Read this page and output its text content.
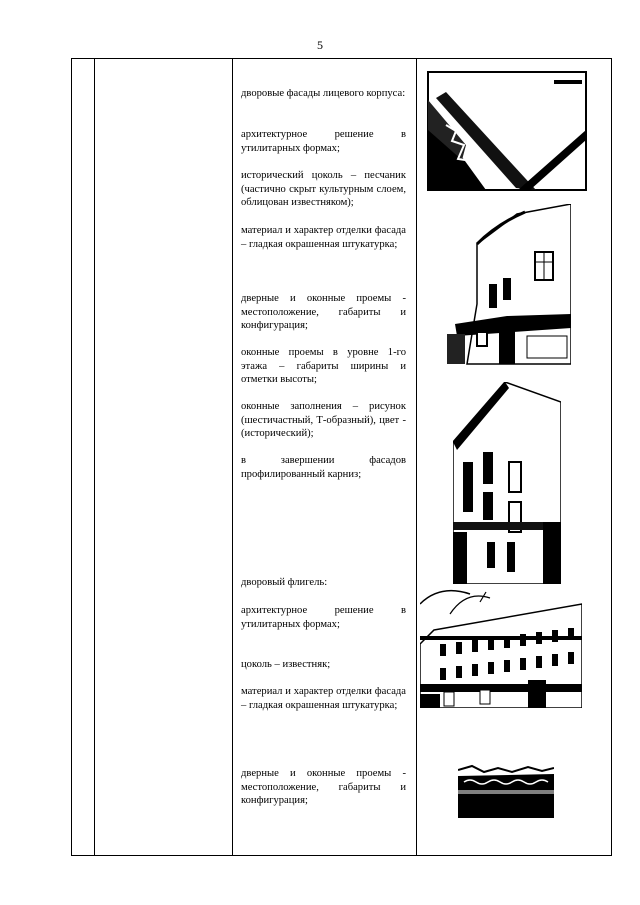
5
дворовые фасады лицевого корпуса:
архитектурное решение в утилитарных формах;
исторический цоколь – песчаник (частично скрыт культурным слоем, облицован известняком);
материал и характер отделки фасада – гладкая окрашенная штукатурка;
дверные и оконные проемы - местоположение, габариты и конфигурация;
оконные проемы в уровне 1-го этажа – габариты ширины и отметки высоты;
оконные заполнения – рисунок (шестичастный, Т-образный), цвет - (исторический);
в завершении фасадов профилированный карниз;
дворовый флигель:
архитектурное решение в утилитарных формах;
цоколь – известняк;
материал и характер отделки фасада – гладкая окрашенная штукатурка;
дверные и оконные проемы - местоположение, габариты и конфигурация;
